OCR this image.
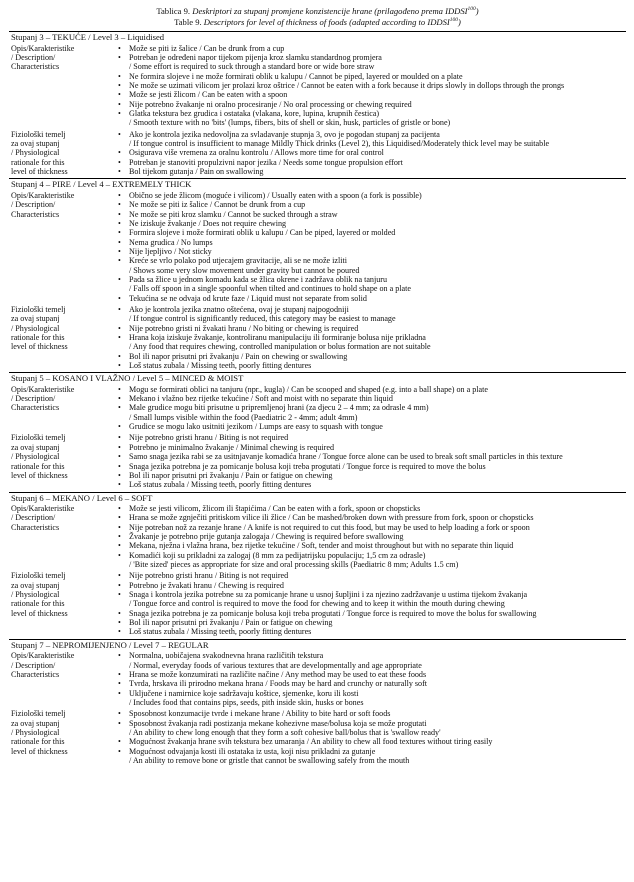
Tablica 9. Deskriptori za stupanj promjene konzistencije hrane (prilagođeno prema IDDSI$^{100}$)
Table 9. Descriptors for level of thickness of foods (adapted according to IDDSI$^{100}$)
Stupanj 3 – TEKUĆE / Level 3 – Liquidised
Opis/Karakteristike
/ Description/
Characteristics
• Može se piti iz šalice / Can be drunk from a cup
• Potreban je određeni napor tijekom pijenja kroz slamku standardnog promjera
/ Some effort is required to suck through a standard bore or wide bore straw
• Ne formira slojeve i ne može formirati oblik u kalupu / Cannot be piped, layered or moulded on a plate
• Ne može se uzimati vilicom jer prolazi kroz oštrice / Cannot be eaten with a fork because it drips slowly in dollops through the prongs
• Može se jesti žlicom / Can be eaten with a spoon
• Nije potrebno žvakanje ni oralno procesiranje / No oral processing or chewing required
• Glatka tekstura bez grudica i ostataka (vlakana, kore, lupina, krupnih čestica)
/ Smooth texture with no 'bits' (lumps, fibers, bits of shell or skin, husk, particles of gristle or bone)
Fiziološki temelj
za ovaj stupanj
/ Physiological
rationale for this
level of thickness
• Ako je kontrola jezika nedovoljna za svladavanje stupnja 3, ovo je pogodan stupanj za pacijenta
/ If tongue control is insufficient to manage Mildly Thick drinks (Level 2), this Liquidised/Moderately thick level may be suitable
• Osigurava više vremena za oralnu kontrolu / Allows more time for oral control
• Potreban je stanoviti propulzivni napor jezika / Needs some tongue propulsion effort
• Bol tijekom gutanja / Pain on swallowing
Stupanj 4 – PIRE / Level 4 – EXTREMELY THICK
Opis/Karakteristike
/ Description/
Characteristics
• Obično se jede žlicom (moguće i vilicom) / Usually eaten with a spoon (a fork is possible)
• Ne može se piti iz šalice / Cannot be drunk from a cup
• Ne može se piti kroz slamku / Cannot be sucked through a straw
• Ne iziskuje žvakanje / Does not require chewing
• Formira slojeve i može formirati oblik u kalupu / Can be piped, layered or molded
• Nema grudica / No lumps
• Nije ljepljivo / Not sticky
• Kreće se vrlo polako pod utjecajem gravitacije, ali se ne može izliti
/ Shows some very slow movement under gravity but cannot be poured
• Pada sa žlice u jednom komadu kada se žlica okrene i zadržava oblik na tanjuru
/ Falls off spoon in a single spoonful when tilted and continues to hold shape on a plate
• Tekućina se ne odvaja od krute faze / Liquid must not separate from solid
Fiziološki temelj
za ovaj stupanj
/ Physiological
rationale for this
level of thickness
• Ako je kontrola jezika znatno oštećena, ovaj je stupanj najpogodniji
/ If tongue control is significantly reduced, this category may be easiest to manage
• Nije potrebno gristi ni žvakati hranu / No biting or chewing is required
• Hrana koja iziskuje žvakanje, kontroliranu manipulaciju ili formiranje bolusa nije prikladna
/ Any food that requires chewing, controlled manipulation or bolus formation are not suitable
• Bol ili napor prisutni pri žvakanju / Pain on chewing or swallowing
• Loš status zubala / Missing teeth, poorly fitting dentures
Stupanj 5 – KOSANO I VLAŽNO / Level 5 – MINCED & MOIST
Opis/Karakteristike
/ Description/
Characteristics
• Mogu se formirati oblici na tanjuru (npr., kugla) / Can be scooped and shaped (e.g. into a ball shape) on a plate
• Mekano i vlažno bez rijetke tekućine / Soft and moist with no separate thin liquid
• Male grudice mogu biti prisutne u pripremljenoj hrani (za djecu 2 – 4 mm; za odrasle 4 mm)
/ Small lumps visible within the food (Paediatric 2 - 4mm; adult 4mm)
• Grudice se mogu lako usitniti jezikom / Lumps are easy to squash with tongue
Fiziološki temelj
za ovaj stupanj
/ Physiological
rationale for this
level of thickness
• Nije potrebno gristi hranu / Biting is not required
• Potrebno je minimalno žvakanje / Minimal chewing is required
• Samo snaga jezika rabi se za usitnjavanje komadića hrane / Tongue force alone can be used to break soft small particles in this texture
• Snaga jezika potrebna je za pomicanje bolusa koji treba progutati / Tongue force is required to move the bolus
• Bol ili napor prisutni pri žvakanju / Pain or fatigue on chewing
• Loš status zubala / Missing teeth, poorly fitting dentures
Stupanj 6 – MEKANO / Level 6 – SOFT
Opis/Karakteristike
/ Description/
Characteristics
• Može se jesti vilicom, žlicom ili štapićima / Can be eaten with a fork, spoon or chopsticks
• Hrana se može zgnječiti pritiskom vilice ili žlice / Can be mashed/broken down with pressure from fork, spoon or chopsticks
• Nije potreban nož za rezanje hrane / A knife is not required to cut this food, but may be used to help loading a fork or spoon
• Žvakanje je potrebno prije gutanja zalogaja / Chewing is required before swallowing
• Mekana, nježna i vlažna hrana, bez rijetke tekućine / Soft, tender and moist throughout but with no separate thin liquid
• Komadići koji su prikladni za zalogaj (8 mm za pedijatrijsku populaciju; 1,5 cm za odrasle)
/ 'Bite sized' pieces as appropriate for size and oral processing skills (Paediatric 8 mm; Adults 1.5 cm)
Fiziološki temelj
za ovaj stupanj
/ Physiological
rationale for this
level of thickness
• Nije potrebno gristi hranu / Biting is not required
• Potrebno je žvakati hranu / Chewing is required
• Snaga i kontrola jezika potrebne su za pomicanje hrane u usnoj šupljini i za njezino zadržavanje u ustima tijekom žvakanja
/ Tongue force and control is required to move the food for chewing and to keep it within the mouth during chewing
• Snaga jezika potrebna je za pomicanje bolusa koji treba progutati / Tongue force is required to move the bolus for swallowing
• Bol ili napor prisutni pri žvakanju / Pain or fatigue on chewing
• Loš status zubala / Missing teeth, poorly fitting dentures
Stupanj 7 – NEPROMIJENJENO / Level 7 – REGULAR
Opis/Karakteristike
/ Description/
Characteristics
• Normalna, uobičajena svakodnevna hrana različitih tekstura
/ Normal, everyday foods of various textures that are developmentally and age appropriate
• Hrana se može konzumirati na različite načine / Any method may be used to eat these foods
• Tvrda, hrskava ili prirodno mekana hrana / Foods may be hard and crunchy or naturally soft
• Uključene i namirnice koje sadržavaju koštice, sjemenke, koru ili kosti
/ Includes food that contains pips, seeds, pith inside skin, husks or bones
Fiziološki temelj
za ovaj stupanj
/ Physiological
rationale for this
level of thickness
• Sposobnost konzumacije tvrde i mekane hrane / Ability to bite hard or soft foods
• Sposobnost žvakanja radi postizanja mekane kohezivne mase/bolusa koja se može progutati
/ An ability to chew long enough that they form a soft cohesive ball/bolus that is 'swallow ready'
• Mogućnost žvakanja hrane svih tekstura bez umaranja / An ability to chew all food textures without tiring easily
• Mogućnost odvajanja kosti ili ostataka iz usta, koji nisu prikladni za gutanje
/ An ability to remove bone or gristle that cannot be swallowing safely from the mouth
